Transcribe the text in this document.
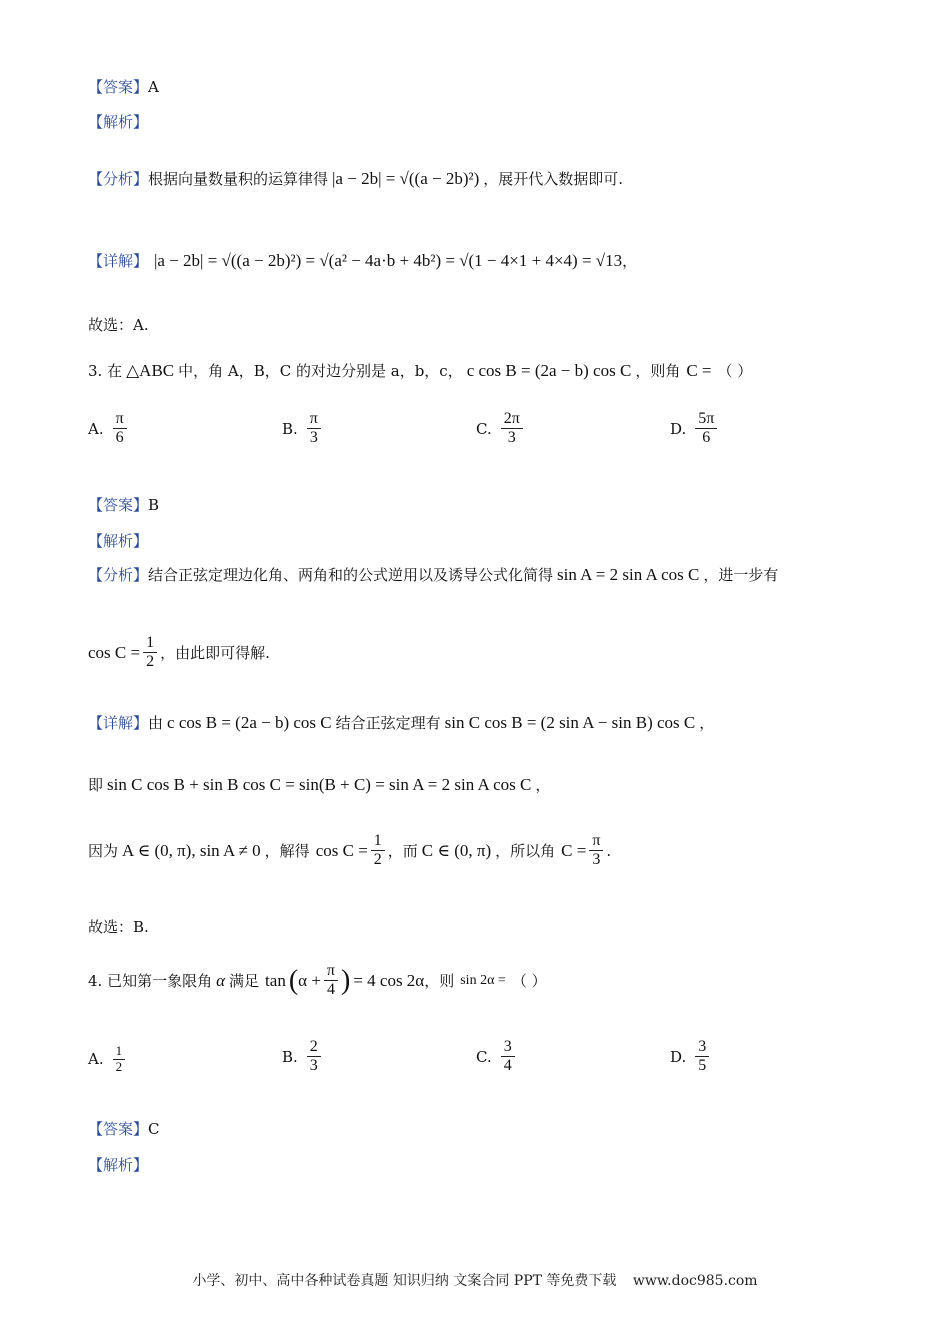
【答案】 A
【解析】
【分析】 根据向量数量积的运算律得 |a − 2b| = √((a − 2b)²) ，展开代入数据即可.
【详解】 |a − 2b| = √((a − 2b)²) = √(a² − 4a·b + 4b²) = √(1 − 4×1 + 4×4) = √13 ，
故选：A.
3. 在 △ABC 中，角 A，B，C 的对边分别是 a，b，c， c cos B = (2a − b) cos C ，则角 C = （ ）
A. $\frac{\pi}{6}$	B. $\frac{\pi}{3}$	C. $\frac{2\pi}{3}$	D. $\frac{5\pi}{6}$
【答案】 B
【解析】
【分析】 结合正弦定理边化角、两角和的公式逆用以及诱导公式化简得 sin A = 2 sin A cos C ，进一步有
$\cos C = \frac{1}{2}$ ，由此即可得解.
【详解】 由 c cos B = (2a − b) cos C 结合正弦定理有 sin C cos B = (2 sin A − sin B) cos C ，
即 sin C cos B + sin B cos C = sin(B + C) = sin A = 2 sin A cos C ，
因为 A ∈ (0, π), sin A ≠ 0 ，解得 $\cos C = \frac{1}{2}$ ，而 C ∈ (0, π) ，所以角 $C = \frac{\pi}{3}$ .
故选：B.
4. 已知第一象限角 α 满足 tan ( $\alpha + \frac{\pi}{4}$ ) = 4 cos 2α ，则 sin 2α = （ ）
A. $\frac{1}{2}$	B. $\frac{2}{3}$	C. $\frac{3}{4}$	D. $\frac{3}{5}$
【答案】 C
【解析】
小学、初中、高中各种试卷真题 知识归纳 文案合同 PPT 等免费下载 www.doc985.com
